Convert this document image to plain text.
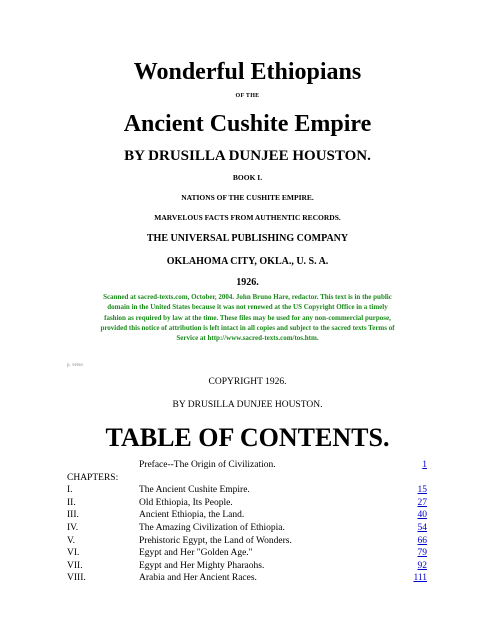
Wonderful Ethiopians
OF THE
Ancient Cushite Empire
BY DRUSILLA DUNJEE HOUSTON.
BOOK I.
NATIONS OF THE CUSHITE EMPIRE.
MARVELOUS FACTS FROM AUTHENTIC RECORDS.
THE UNIVERSAL PUBLISHING COMPANY
OKLAHOMA CITY, OKLA., U. S. A.
1926.
Scanned at sacred-texts.com, October, 2004. John Bruno Hare, redactor. This text is in the public
domain in the United States because it was not renewed at the US Copyright Office in a timely
fashion as required by law at the time. These files may be used for any non-commercial purpose,
provided this notice of attribution is left intact in all copies and subject to the sacred texts Terms of
Service at http://www.sacred-texts.com/tos.htm.
p. verso
COPYRIGHT 1926.
BY DRUSILLA DUNJEE HOUSTON.
TABLE OF CONTENTS.
Preface--The Origin of Civilization.	1
CHAPTERS:
I.	The Ancient Cushite Empire.	15
II.	Old Ethiopia, Its People.	27
III.	Ancient Ethiopia, the Land.	40
IV.	The Amazing Civilization of Ethiopia.	54
V.	Prehistoric Egypt, the Land of Wonders.	66
VI.	Egypt and Her "Golden Age."	79
VII.	Egypt and Her Mighty Pharaohs.	92
VIII.	Arabia and Her Ancient Races.	111
